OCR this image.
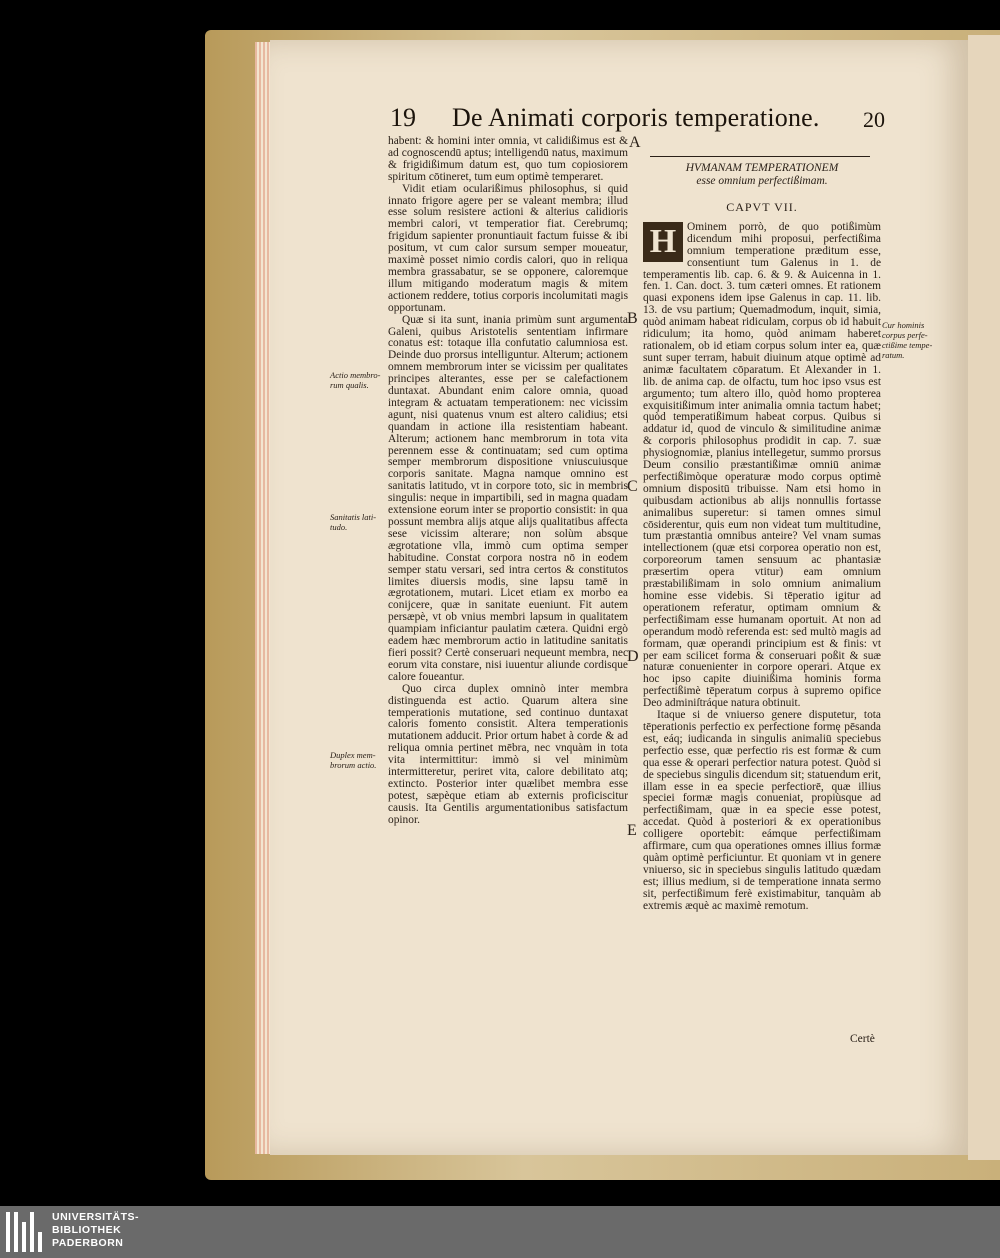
19 De Animati corporis temperatione. 20

habent: & homini inter omnia, vt calidißimus est & ad cognoscendū aptus; intelligendū natus, maximum & frigidißimum datum est, quo tum copiosiorem spiritum cōtineret, tum eum optimè temperaret.

Vidit etiam ocularißimus philosophus, si quid innato frigore agere per se valeant membra; illud esse solum resistere actioni & alterius calidioris membri calori, vt temperatior fiat. Cerebrumq; frigidum sapienter pronuntiauit factum fuisse & ibi positum, vt cum calor sursum semper moueatur, maximè posset nimio cordis calori, quo in reliqua membra grassabatur, se se opponere, caloremque illum mitigando moderatum magis & mitem actionem reddere, totius corporis incolumitati magis opportunam.

Quæ si ita sunt, inania primùm sunt argumenta Galeni, quibus Aristotelis sententiam infirmare conatus est: totaque illa confutatio calumniosa est. Deinde duo prorsus intelliguntur. Alterum; actionem omnem membrorum inter se vicissim per qualitates principes alterantes, esse per se calefactionem duntaxat. Abundant enim calore omnia, quoad integram & actuatam temperationem: nec vicissim agunt, nisi quatenus vnum est altero calidius; etsi quandam in actione illa resistentiam habeant. Alterum; actionem hanc membrorum in tota vita perennem esse & continuatam; sed cum optima semper membrorum dispositione vniuscuiusque corporis sanitate. Magna namque omnino est sanitatis latitudo, vt in corpore toto, sic in membris singulis: neque in impartibili, sed in magna quadam extensione eorum inter se proportio consistit: in qua possunt membra alijs atque alijs qualitatibus affecta sese vicissim alterare; non solùm absque ægrotatione vlla, immò cum optima semper habitudine. Constat corpora nostra nō in eodem semper statu versari, sed intra certos & constitutos limites diuersis modis, sine lapsu tamē in ægrotationem, mutari. Licet etiam ex morbo ea conijcere, quæ in sanitate eueniunt. Fit autem persæpè, vt ob vnius membri lapsum in qualitatem quampiam inficiantur paulatim cætera. Quidni ergò eadem hæc membrorum actio in latitudine sanitatis fieri possit? Certè conseruari nequeunt membra, nec eorum vita constare, nisi iuuentur aliunde cordisque calore foueantur.

Quo circa duplex omninò inter membra distinguenda est actio. Quarum altera sine temperationis mutatione, sed continuo duntaxat caloris fomento consistit. Altera temperationis mutationem adducit. Prior ortum habet à corde & ad reliqua omnia pertinet mēbra, nec vnquàm in tota vita intermittitur: immò si vel minimùm intermitteretur, periret vita, calore debilitato atq; extincto. Posterior inter quælibet membra esse potest, sæpèque etiam ab externis proficiscitur causis. Ita Gentilis argumentationibus satisfactum opinor.

HVMANAM TEMPERATIONEM
esse omnium perfectißimam.
CAPVT VII.

H Ominem porrò, de quo potißimùm dicendum mihi proposui, perfectißima omnium temperatione præditum esse, consentiunt tum Galenus in 1. de temperamentis lib. cap. 6. & 9. & Auicenna in 1. fen. 1. Can. doct. 3. tum cæteri omnes. Et rationem quasi exponens idem ipse Galenus in cap. 11. lib. 13. de vsu partium; Quemadmodum, inquit, simia, quòd animam habeat ridiculam, corpus ob id habuit ridiculum; ita homo, quòd animam haberet rationalem, ob id etiam corpus solum inter ea, quæ sunt super terram, habuit diuinum atque optimè ad animæ facultatem cōparatum. Et Alexander in 1. lib. de anima cap. de olfactu, tum hoc ipso vsus est argumento; tum altero illo, quòd homo propterea exquisitißimum inter animalia omnia tactum habet; quòd temperatißimum habeat corpus. Quibus si addatur id, quod de vinculo & similitudine animæ & corporis philosophus prodidit in cap. 7. suæ physiognomiæ, planius intellegetur, summo prorsus Deum consilio præstantißimæ omniū animæ perfectißimòque operaturæ modo corpus optimè omnium dispositū tribuisse. Nam etsi homo in quibusdam actionibus ab alijs nonnullis fortasse animalibus superetur: si tamen omnes simul cōsiderentur, quis eum non videat tum multitudine, tum præstantia omnibus anteire? Vel vnam sumas intellectionem (quæ etsi corporea operatio non est, corporeorum tamen sensuum ac phantasiæ præsertim opera vtitur) eam omnium præstabilißimam in solo omnium animalium homine esse videbis. Si tēperatio igitur ad operationem referatur, optimam omnium & perfectißimam esse humanam oportuit. At non ad operandum modò referenda est: sed multò magis ad formam, quæ operandi principium est & finis: vt per eam scilicet forma & conseruari poßit & suæ naturæ conuenienter in corpore operari. Atque ex hoc ipso capite diuinißima hominis forma perfectißimè tēperatum corpus à supremo opifice Deo adminiſtráque natura obtinuit.

Itaque si de vniuerso genere disputetur, tota tēperationis perfectio ex perfectione formę pēsanda est, eáq; iudicanda in singulis animaliū speciebus perfectio esse, quæ perfectio ris est formæ & cum qua esse & operari perfectior natura potest. Quòd si de speciebus singulis dicendum sit; statuendum erit, illam esse in ea specie perfectiorē, quæ illius speciei formæ magis conueniat, propiùsque ad perfectißimam, quæ in ea specie esse potest, accedat. Quòd à posteriori & ex operationibus colligere oportebit: eámque perfectißimam affirmare, cum qua operationes omnes illius formæ quàm optimè perficiuntur. Et quoniam vt in genere vniuerso, sic in speciebus singulis latitudo quædam est; illius medium, si de temperatione innata sermo sit, perfectißimum ferè existimabitur, tanquàm ab extremis æquè ac maximè remotum.

A
B
C
D
E
Actio membro-rum qualis.
Sanitatis lati-tudo.
Duplex mem-brorum actio.
Cur hominis corpus perfe-ctißime tempe-ratum.
Certè
UNIVERSITÄTS-
BIBLIOTHEK
PADERBORN
